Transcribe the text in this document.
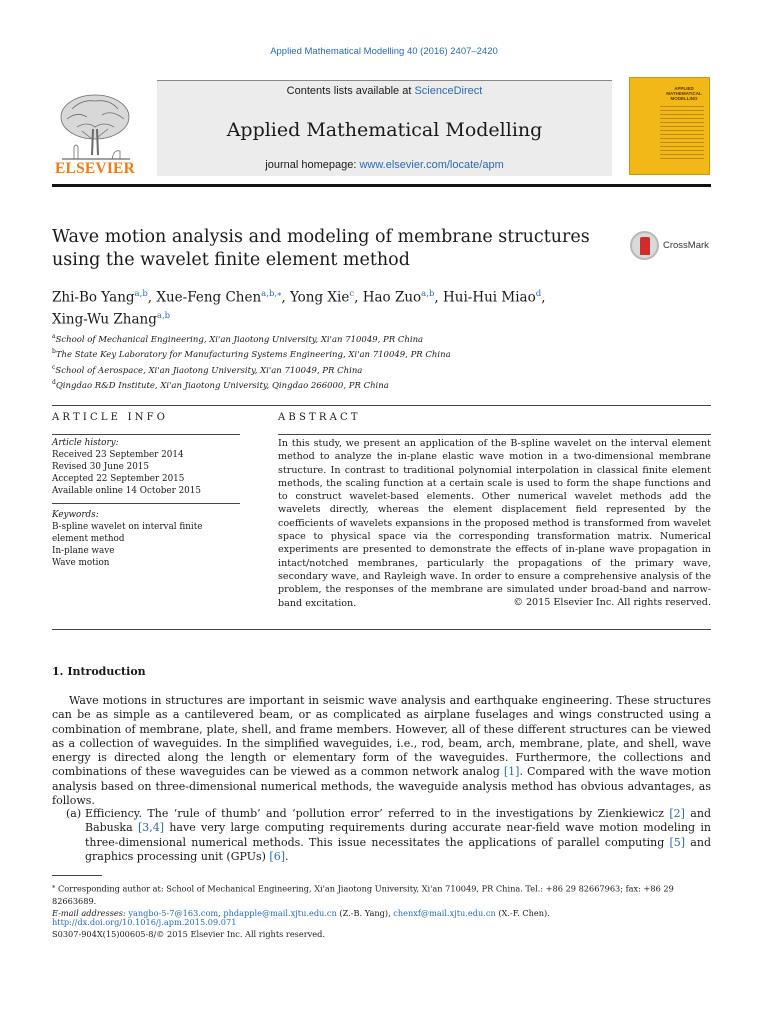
Applied Mathematical Modelling 40 (2016) 2407–2420
ELSEVIER
Contents lists available at ScienceDirect
Applied Mathematical Modelling
journal homepage: www.elsevier.com/locate/apm
APPLIED MATHEMATICAL MODELLING
Wave motion analysis and modeling of membrane structures using the wavelet finite element method
CrossMark
Zhi-Bo Yang$^{a,b}$, Xue-Feng Chen$^{a,b,⁎}$, Yong Xie$^c$, Hao Zuo$^{a,b}$, Hui-Hui Miao$^d$,
Xing-Wu Zhang$^{a,b}$
$^a$School of Mechanical Engineering, Xi'an Jiaotong University, Xi'an 710049, PR China
$^b$The State Key Laboratory for Manufacturing Systems Engineering, Xi'an 710049, PR China
$^c$School of Aerospace, Xi'an Jiaotong University, Xi'an 710049, PR China
$^d$Qingdao R&D Institute, Xi'an Jiaotong University, Qingdao 266000, PR China
ARTICLE INFO	ABSTRACT
Article history:
Received 23 September 2014
Revised 30 June 2015
Accepted 22 September 2015
Available online 14 October 2015
Keywords:
B-spline wavelet on interval finite element method
In-plane wave
Wave motion
In this study, we present an application of the B-spline wavelet on the interval element method to analyze the in-plane elastic wave motion in a two-dimensional membrane structure. In contrast to traditional polynomial interpolation in classical finite element methods, the scaling function at a certain scale is used to form the shape functions and to construct wavelet-based elements. Other numerical wavelet methods add the wavelets directly, whereas the element displacement field represented by the coefficients of wavelets expansions in the proposed method is transformed from wavelet space to physical space via the corresponding transformation matrix. Numerical experiments are presented to demonstrate the effects of in-plane wave propagation in intact/notched membranes, particularly the propagations of the primary wave, secondary wave, and Rayleigh wave. In order to ensure a comprehensive analysis of the problem, the responses of the membrane are simulated under broad-band and narrow-band excitation.	© 2015 Elsevier Inc. All rights reserved.
1. Introduction
Wave motions in structures are important in seismic wave analysis and earthquake engineering. These structures can be as simple as a cantilevered beam, or as complicated as airplane fuselages and wings constructed using a combination of membrane, plate, shell, and frame members. However, all of these different structures can be viewed as a collection of waveguides. In the simplified waveguides, i.e., rod, beam, arch, membrane, plate, and shell, wave energy is directed along the length or elementary form of the waveguides. Furthermore, the collections and combinations of these waveguides can be viewed as a common network analog [1]. Compared with the wave motion analysis based on three-dimensional numerical methods, the waveguide analysis method has obvious advantages, as follows.
(a) Efficiency. The ‘rule of thumb’ and ‘pollution error’ referred to in the investigations by Zienkiewicz [2] and Babuska [3,4] have very large computing requirements during accurate near-field wave motion modeling in three-dimensional numerical methods. This issue necessitates the applications of parallel computing [5] and graphics processing unit (GPUs) [6].
⁎ Corresponding author at: School of Mechanical Engineering, Xi'an Jiaotong University, Xi'an 710049, PR China. Tel.: +86 29 82667963; fax: +86 29 82663689.
E-mail addresses: yangbo-5-7@163.com, phdapple@mail.xjtu.edu.cn (Z.-B. Yang), chenxf@mail.xjtu.edu.cn (X.-F. Chen).
http://dx.doi.org/10.1016/j.apm.2015.09.071
S0307-904X(15)00605-8/© 2015 Elsevier Inc. All rights reserved.
